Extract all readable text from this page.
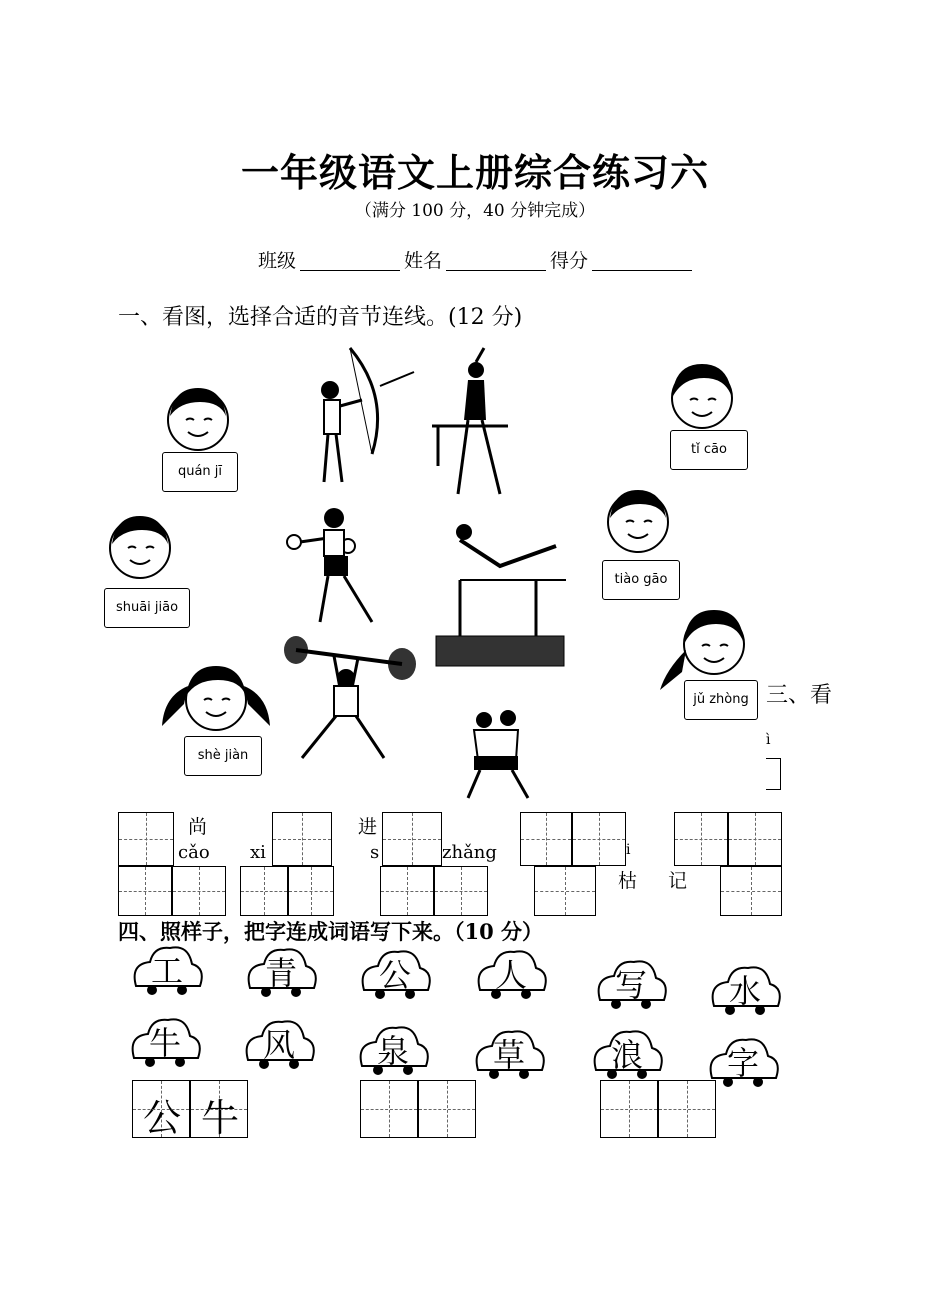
一年级语文上册综合练习六
（满分 100 分，40 分钟完成）
班级	姓名	得分
一、看图，选择合适的音节连线。(12 分)
quán jī
tǐ cāo
shuāi jiāo
tiào gāo
jǔ zhòng
shè jiàn
三、看
ì
尚	进
cǎo xi	s	zhǎng	i
枯 记
四、照样子，把字连成词语写下来。（10 分）
公 牛
工	青	公	人	写	水
牛	风	泉	草	浪	字
